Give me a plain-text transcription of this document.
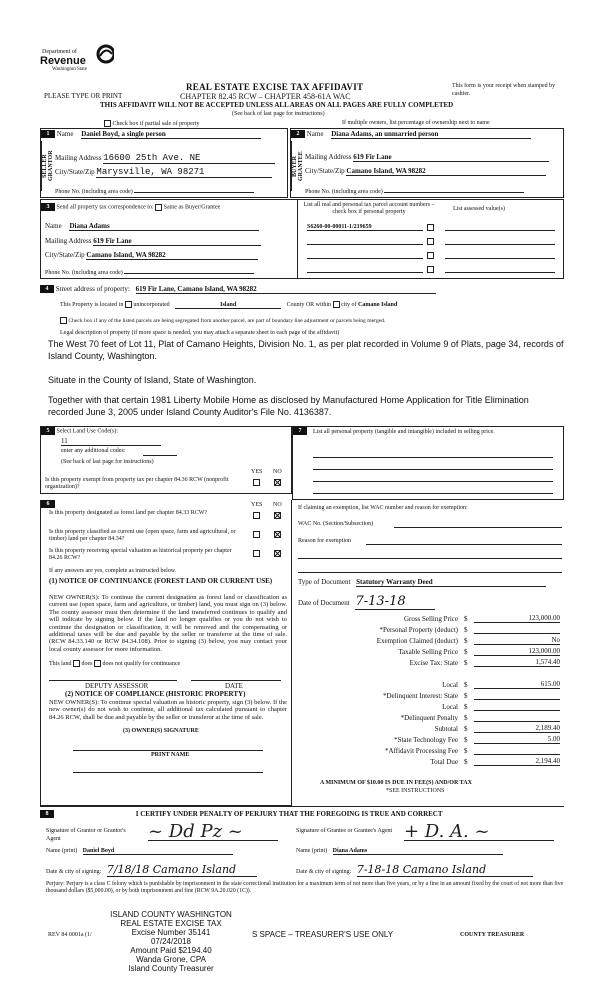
Department of
Revenue
Washington State
REAL ESTATE EXCISE TAX AFFIDAVIT
CHAPTER 82.45 RCW – CHAPTER 458-61A WAC
PLEASE TYPE OR PRINT
This form is your receipt when stamped by cashier.
THIS AFFIDAVIT WILL NOT BE ACCEPTED UNLESS ALL AREAS ON ALL PAGES ARE FULLY COMPLETED
(See back of last page for instructions)
Check box if partial sale of property	If multiple owners, list percentage of ownership next to name
SELLER GRANTOR
1 Name Daniel Boyd, a single person
Mailing Address 16600 25th Ave. NE
City/State/Zip Marysville, WA 98271
Phone No. (including area code)
BUYER GRANTEE
2 Name Diana Adams, an unmarried person
Mailing Address 619 Fir Lane
City/State/Zip Camano Island, WA 98282
Phone No. (including area code)
3 Send all property tax correspondence to: Same as Buyer/Grantee
Name Diana Adams
Mailing Address 619 Fir Lane
City/State/Zip Camano Island, WA 98282
Phone No. (including area code)
List all real and personal tax parcel account numbers – check box if personal property	List assessed value(s)
S6260-00-00011-1/219659
4 Street address of property: 619 Fir Lane, Camano Island, WA 98282
This Property is located in unincorporated	Island	County OR within city of Camano Island
Check box if any of the listed parcels are being segregated from another parcel, are part of boundary line adjustment or parcels being merged.
Legal description of property (if more space is needed, you may attach a separate sheet to each page of the affidavit)
The West 70 feet of Lot 11, Plat of Camano Heights, Division No. 1, as per plat recorded in Volume 9 of Plats, page 34, records of Island County, Washington.
Situate in the County of Island, State of Washington.
Together with that certain 1981 Liberty Mobile Home as disclosed by Manufactured Home Application for Title Elimination recorded June 3, 2005 under Island County Auditor's File No. 4136387.
5 Select Land Use Code(s):
11
enter any additional codes:
(See back of last page for instructions)
YES NO
Is this property exempt from property tax per chapter 84.36 RCW (nonprofit organization)?
6	YES NO
Is this property designated as forest land per chapter 84.33 RCW?
Is this property classified as current use (open space, farm and agricultural, or timber) land per chapter 84.34?
Is this property receiving special valuation as historical property per chapter 84.26 RCW?
If any answers are yes, complete as instructed below.
(1) NOTICE OF CONTINUANCE (FOREST LAND OR CURRENT USE)
NEW OWNER(S): To continue the current designation as forest land or classification as current use (open space, farm and agriculture, or timber) land, you must sign on (3) below. The county assessor must then determine if the land transferred continues to qualify and will indicate by signing below. If the land no longer qualifies or you do not wish to continue the designation or classification, it will be removed and the compensating or additional taxes will be due and payable by the seller or transferor at the time of sale. (RCW 84.33.140 or RCW 84.34.108). Prior to signing (3) below, you may contact your local county assessor for more information.
This land does does not qualify for continuance
DEPUTY ASSESSOR	DATE
(2) NOTICE OF COMPLIANCE (HISTORIC PROPERTY)
NEW OWNER(S): To continue special valuation as historic property, sign (3) below. If the new owner(s) do not wish to continue, all additional tax calculated pursuant to chapter 84.26 RCW, shall be due and payable by the seller or transferor at the time of sale.
(3) OWNER(S) SIGNATURE
PRINT NAME
7	List all personal property (tangible and intangible) included in selling price.
If claiming an exemption, list WAC number and reason for exemption:
WAC No. (Section/Subsection)
Reason for exemption
Type of Document Statutory Warranty Deed
Date of Document 7-13-18
Gross Selling Price $	123,000.00
*Personal Property (deduct) $
Exemption Claimed (deduct) $	No
Taxable Selling Price $	123,000.00
Excise Tax: State $	1,574.40
Local $	615.00
*Delinquent Interest: State $
Local $
*Delinquent Penalty $
Subtotal $	2,189.40
*State Technology Fee $	5.00
*Affidavit Processing Fee $
Total Due $	2,194.40
A MINIMUM OF $10.00 IS DUE IN FEE(S) AND/OR TAX
*SEE INSTRUCTIONS
8	I CERTIFY UNDER PENALTY OF PERJURY THAT THE FOREGOING IS TRUE AND CORRECT
Signature of Grantor or Grantor's Agent	~ Dd Pz ~	Signature of Grantee or Grantee's Agent + D. A. ~
Name (print) Daniel Boyd	Name (print) Diana Adams
Date & city of signing: 7/18/18 Camano Island	Date & city of signing: 7-18-18 Camano Island
Perjury: Perjury is a class C felony which is punishable by imprisonment in the state correctional institution for a maximum term of not more than five years, or by a fine in an amount fixed by the court of not more than five thousand dollars ($5,000.00), or by both imprisonment and fine (RCW 9A.20.020 (1C)).
REV 84 0001a (1/
ISLAND COUNTY WASHINGTON
REAL ESTATE EXCISE TAX
Excise Number 35141
07/24/2018
Amount Paid $2194.40
Wanda Grone, CPA
Island County Treasurer
S SPACE – TREASURER'S USE ONLY	COUNTY TREASURER
